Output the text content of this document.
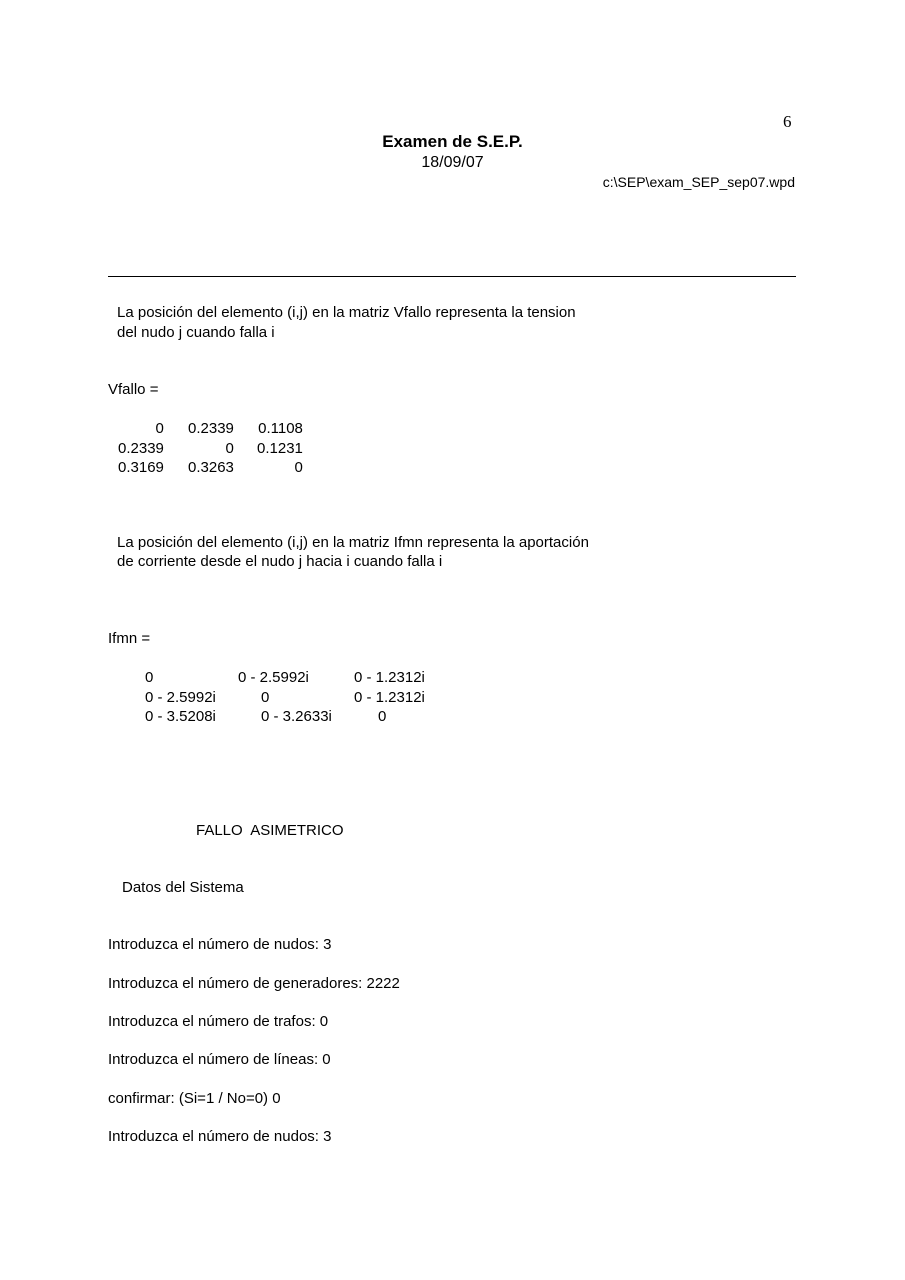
6
Examen de S.E.P.
18/09/07
c:\SEP\exam_SEP_sep07.wpd
La posición del elemento (i,j) en la matriz Vfallo representa la tension
del nudo j cuando falla i
Vfallo =
0	0.2339	0.1108
0.2339	0	0.1231
0.3169	0.3263	0
La posición del elemento (i,j) en la matriz Ifmn representa la aportación
de corriente desde el nudo j hacia i cuando falla i
Ifmn =
0	0 - 2.5992i	0 - 1.2312i
0 - 2.5992i	0	0 - 1.2312i
0 - 3.5208i	0 - 3.2633i	0
FALLO  ASIMETRICO
Datos del Sistema
Introduzca el número de nudos: 3
Introduzca el número de generadores: 2222
Introduzca el número de trafos: 0
Introduzca el número de líneas: 0
confirmar: (Si=1 / No=0) 0
Introduzca el número de nudos: 3
